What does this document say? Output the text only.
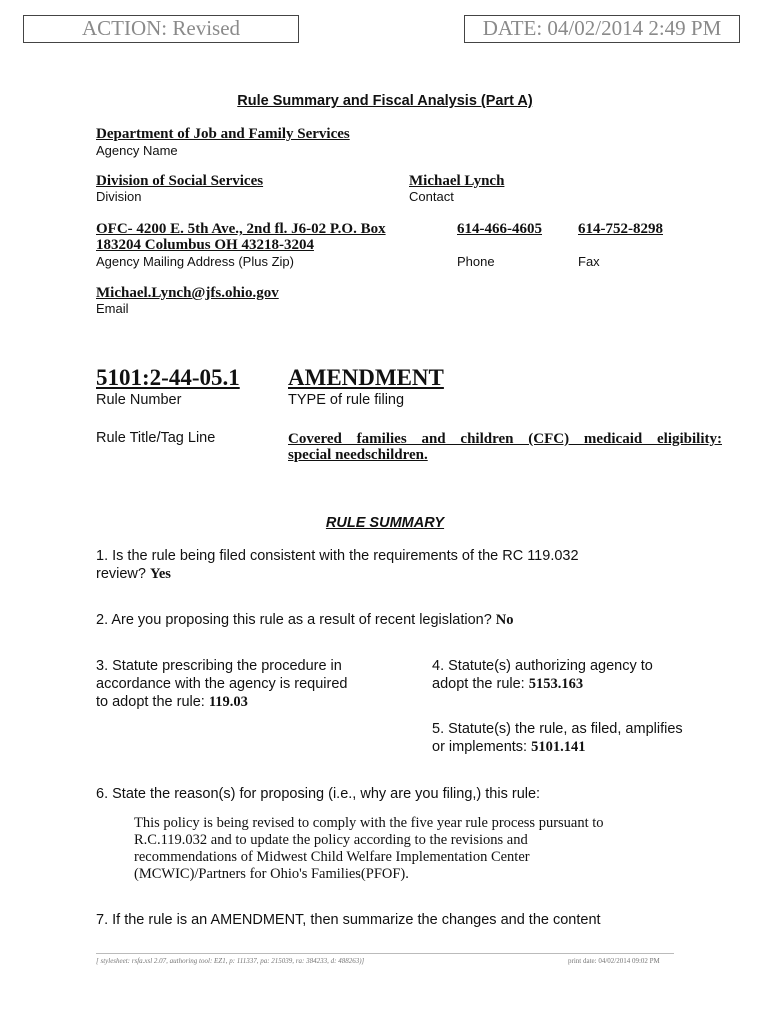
ACTION: Revised	DATE: 04/02/2014 2:49 PM
Rule Summary and Fiscal Analysis (Part A)
Department of Job and Family Services
Agency Name
Division of Social Services
Division
Michael Lynch
Contact
OFC- 4200 E. 5th Ave., 2nd fl. J6-02 P.O. Box
183204 Columbus OH 43218-3204
Agency Mailing Address (Plus Zip)
614-466-4605
Phone
614-752-8298
Fax
Michael.Lynch@jfs.ohio.gov
Email
5101:2-44-05.1
Rule Number
AMENDMENT
TYPE of rule filing
Rule Title/Tag Line	Covered families and children (CFC) medicaid eligibility:
special needschildren.
RULE SUMMARY
1. Is the rule being filed consistent with the requirements of the RC 119.032
review? Yes
2. Are you proposing this rule as a result of recent legislation? No
3. Statute prescribing the procedure in
accordance with the agency is required
to adopt the rule: 119.03
4. Statute(s) authorizing agency to
adopt the rule: 5153.163
5. Statute(s) the rule, as filed, amplifies
or implements: 5101.141
6. State the reason(s) for proposing (i.e., why are you filing,) this rule:
This policy is being revised to comply with the five year rule process pursuant to
R.C.119.032 and to update the policy according to the revisions and
recommendations of Midwest Child Welfare Implementation Center
(MCWIC)/Partners for Ohio's Families(PFOF).
7. If the rule is an AMENDMENT, then summarize the changes and the content
[ stylesheet: rsfa.xsl 2.07, authoring tool: EZ1, p: 111337, pa: 215039, ra: 384233, d: 488263)]	print date: 04/02/2014 09:02 PM
